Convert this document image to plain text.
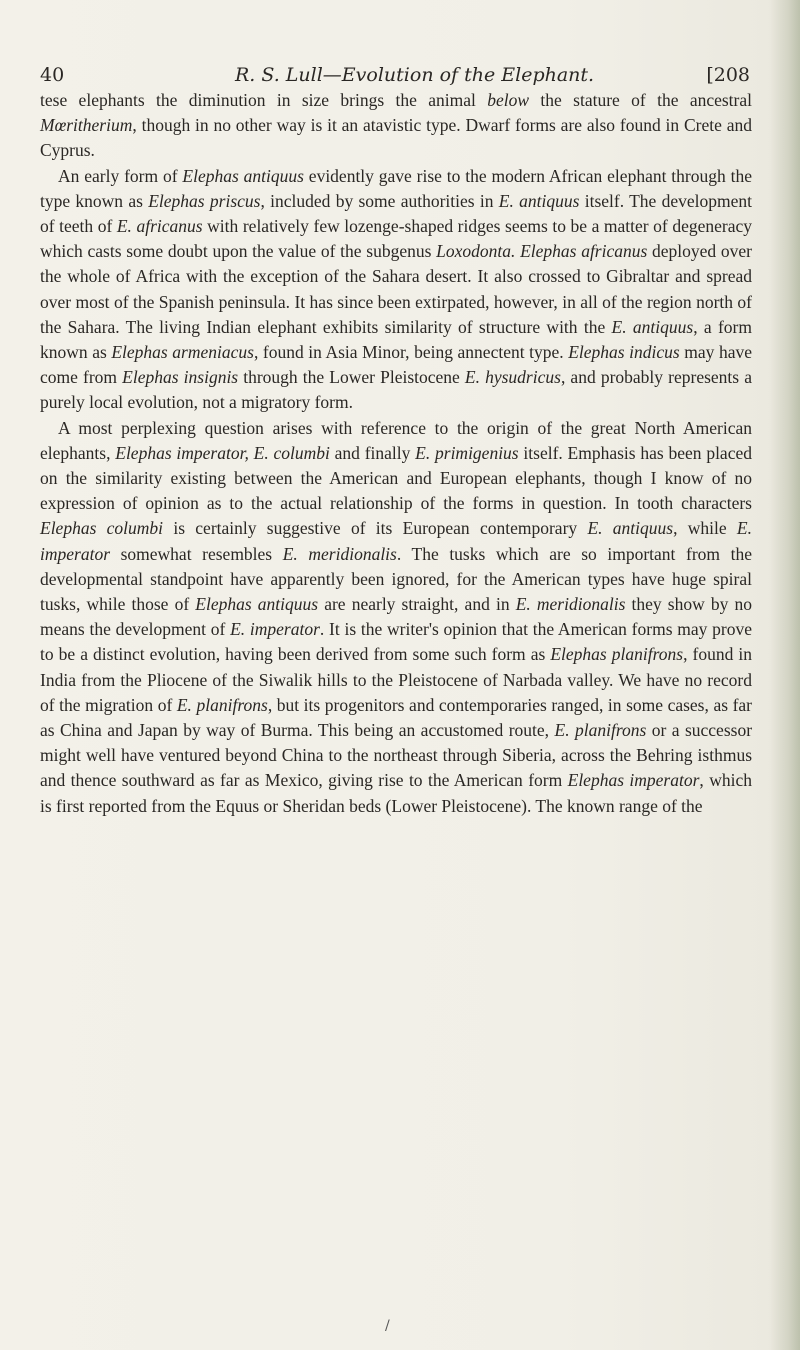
40	R. S. Lull—Evolution of the Elephant.	[208

tese elephants the diminution in size brings the animal below the stature of the ancestral Mœritherium, though in no other way is it an atavistic type. Dwarf forms are also found in Crete and Cyprus.

An early form of Elephas antiquus evidently gave rise to the modern African elephant through the type known as Elephas priscus, included by some authorities in E. antiquus itself. The development of teeth of E. africanus with relatively few lozenge-shaped ridges seems to be a matter of degeneracy which casts some doubt upon the value of the subgenus Loxodonta. Elephas africanus deployed over the whole of Africa with the exception of the Sahara desert. It also crossed to Gibraltar and spread over most of the Spanish peninsula. It has since been extirpated, however, in all of the region north of the Sahara. The living Indian elephant exhibits similarity of structure with the E. antiquus, a form known as Elephas armeniacus, found in Asia Minor, being annectent type. Elephas indicus may have come from Elephas insignis through the Lower Pleistocene E. hysudricus, and probably represents a purely local evolution, not a migratory form.

A most perplexing question arises with reference to the origin of the great North American elephants, Elephas imperator, E. columbi and finally E. primigenius itself. Emphasis has been placed on the similarity existing between the American and European elephants, though I know of no expression of opinion as to the actual relationship of the forms in question. In tooth characters Elephas columbi is certainly suggestive of its European contemporary E. antiquus, while E. imperator somewhat resembles E. meridionalis. The tusks which are so important from the developmental standpoint have apparently been ignored, for the American types have huge spiral tusks, while those of Elephas antiquus are nearly straight, and in E. meridionalis they show by no means the development of E. imperator. It is the writer's opinion that the American forms may prove to be a distinct evolution, having been derived from some such form as Elephas planifrons, found in India from the Pliocene of the Siwalik hills to the Pleistocene of Narbada valley. We have no record of the migration of E. planifrons, but its progenitors and contemporaries ranged, in some cases, as far as China and Japan by way of Burma. This being an accustomed route, E. planifrons or a successor might well have ventured beyond China to the northeast through Siberia, across the Behring isthmus and thence southward as far as Mexico, giving rise to the American form Elephas imperator, which is first reported from the Equus or Sheridan beds (Lower Pleistocene). The known range of the

/
